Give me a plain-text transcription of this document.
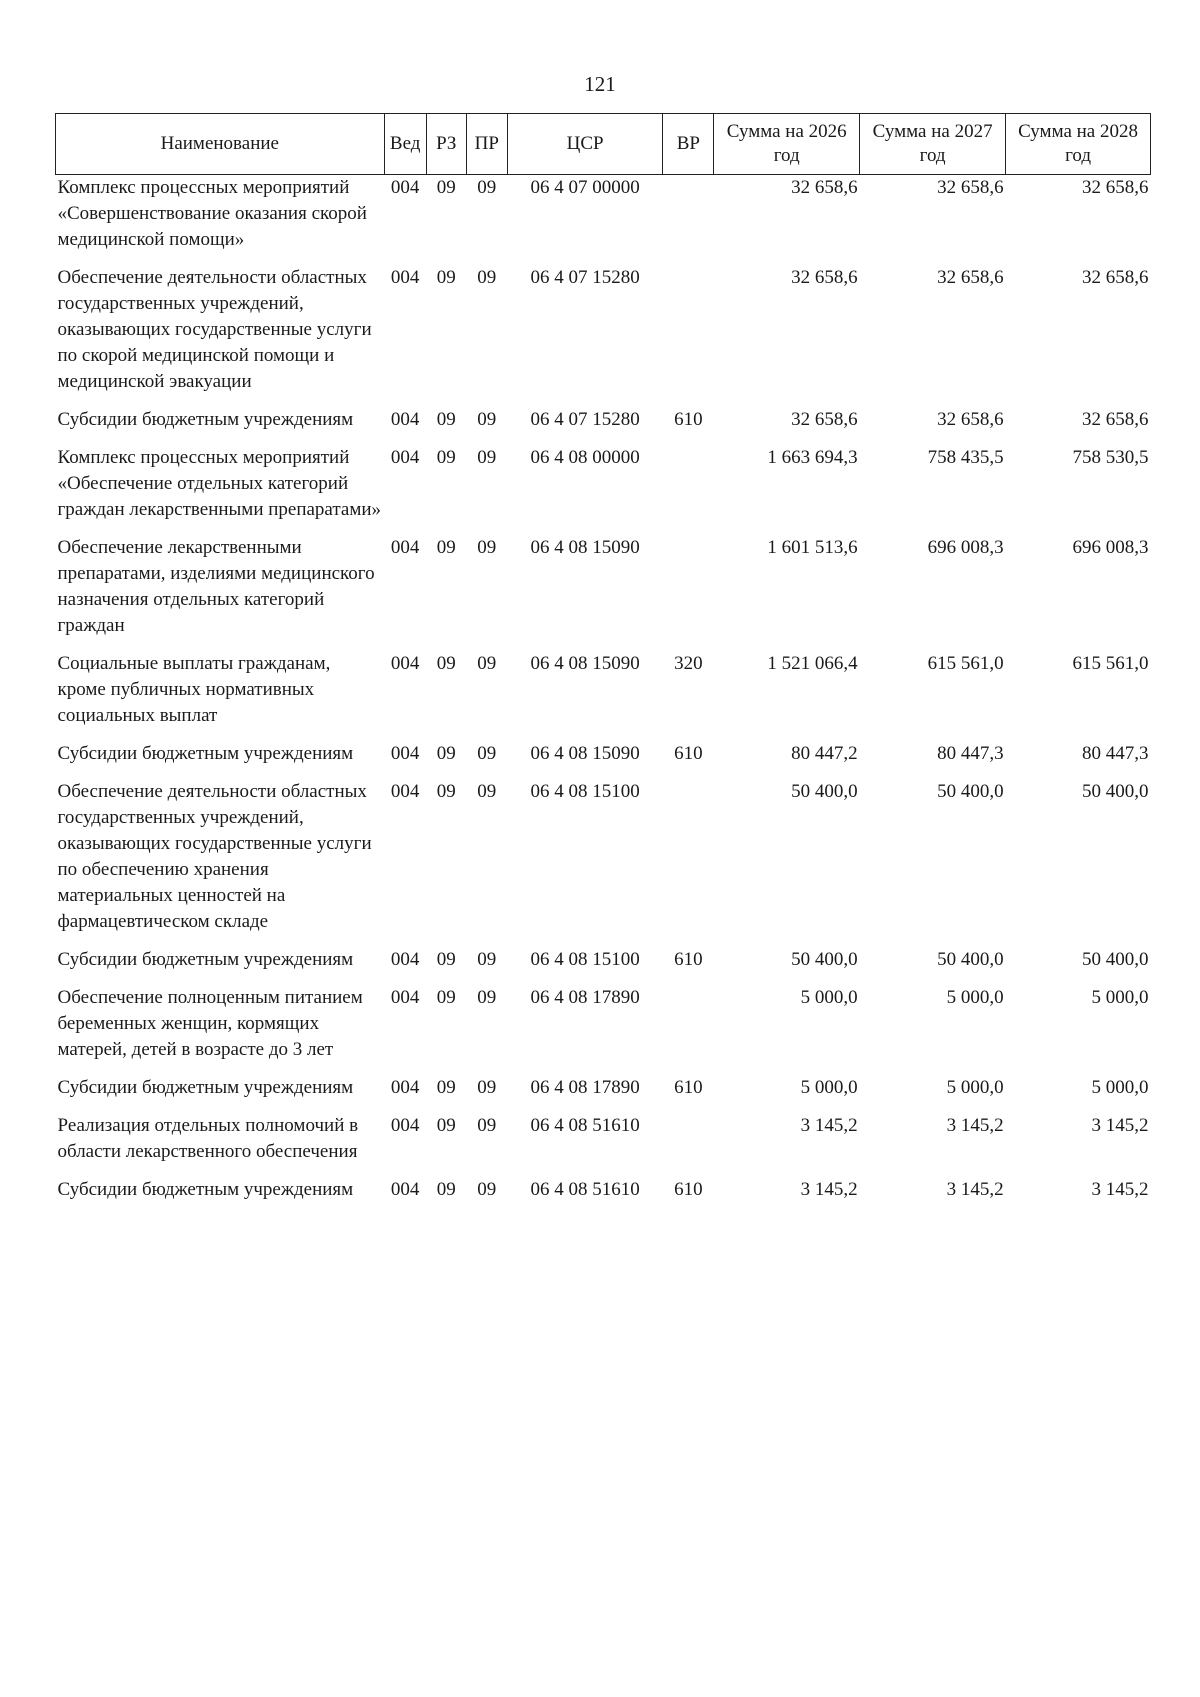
121
Наименование	Вед	РЗ	ПР	ЦСР	ВР	Сумма на 2026 год	Сумма на 2027 год	Сумма на 2028 год
Комплекс процессных мероприятий «Совершенствование оказания скорой медицинской помощи»	004	09	09	06 4 07 00000		32 658,6	32 658,6	32 658,6
Обеспечение деятельности областных государственных учреждений, оказывающих государственные услуги по скорой медицинской помощи и медицинской эвакуации	004	09	09	06 4 07 15280		32 658,6	32 658,6	32 658,6
Субсидии бюджетным учреждениям	004	09	09	06 4 07 15280	610	32 658,6	32 658,6	32 658,6
Комплекс процессных мероприятий «Обеспечение отдельных категорий граждан лекарственными препаратами»	004	09	09	06 4 08 00000		1 663 694,3	758 435,5	758 530,5
Обеспечение лекарственными препаратами, изделиями медицинского назначения отдельных категорий граждан	004	09	09	06 4 08 15090		1 601 513,6	696 008,3	696 008,3
Социальные выплаты гражданам, кроме публичных нормативных социальных выплат	004	09	09	06 4 08 15090	320	1 521 066,4	615 561,0	615 561,0
Субсидии бюджетным учреждениям	004	09	09	06 4 08 15090	610	80 447,2	80 447,3	80 447,3
Обеспечение деятельности областных государственных учреждений, оказывающих государственные услуги по обеспечению хранения материальных ценностей на фармацевтическом складе	004	09	09	06 4 08 15100		50 400,0	50 400,0	50 400,0
Субсидии бюджетным учреждениям	004	09	09	06 4 08 15100	610	50 400,0	50 400,0	50 400,0
Обеспечение полноценным питанием беременных женщин, кормящих матерей, детей в возрасте до 3 лет	004	09	09	06 4 08 17890		5 000,0	5 000,0	5 000,0
Субсидии бюджетным учреждениям	004	09	09	06 4 08 17890	610	5 000,0	5 000,0	5 000,0
Реализация отдельных полномочий в области лекарственного обеспечения	004	09	09	06 4 08 51610		3 145,2	3 145,2	3 145,2
Субсидии бюджетным учреждениям	004	09	09	06 4 08 51610	610	3 145,2	3 145,2	3 145,2
